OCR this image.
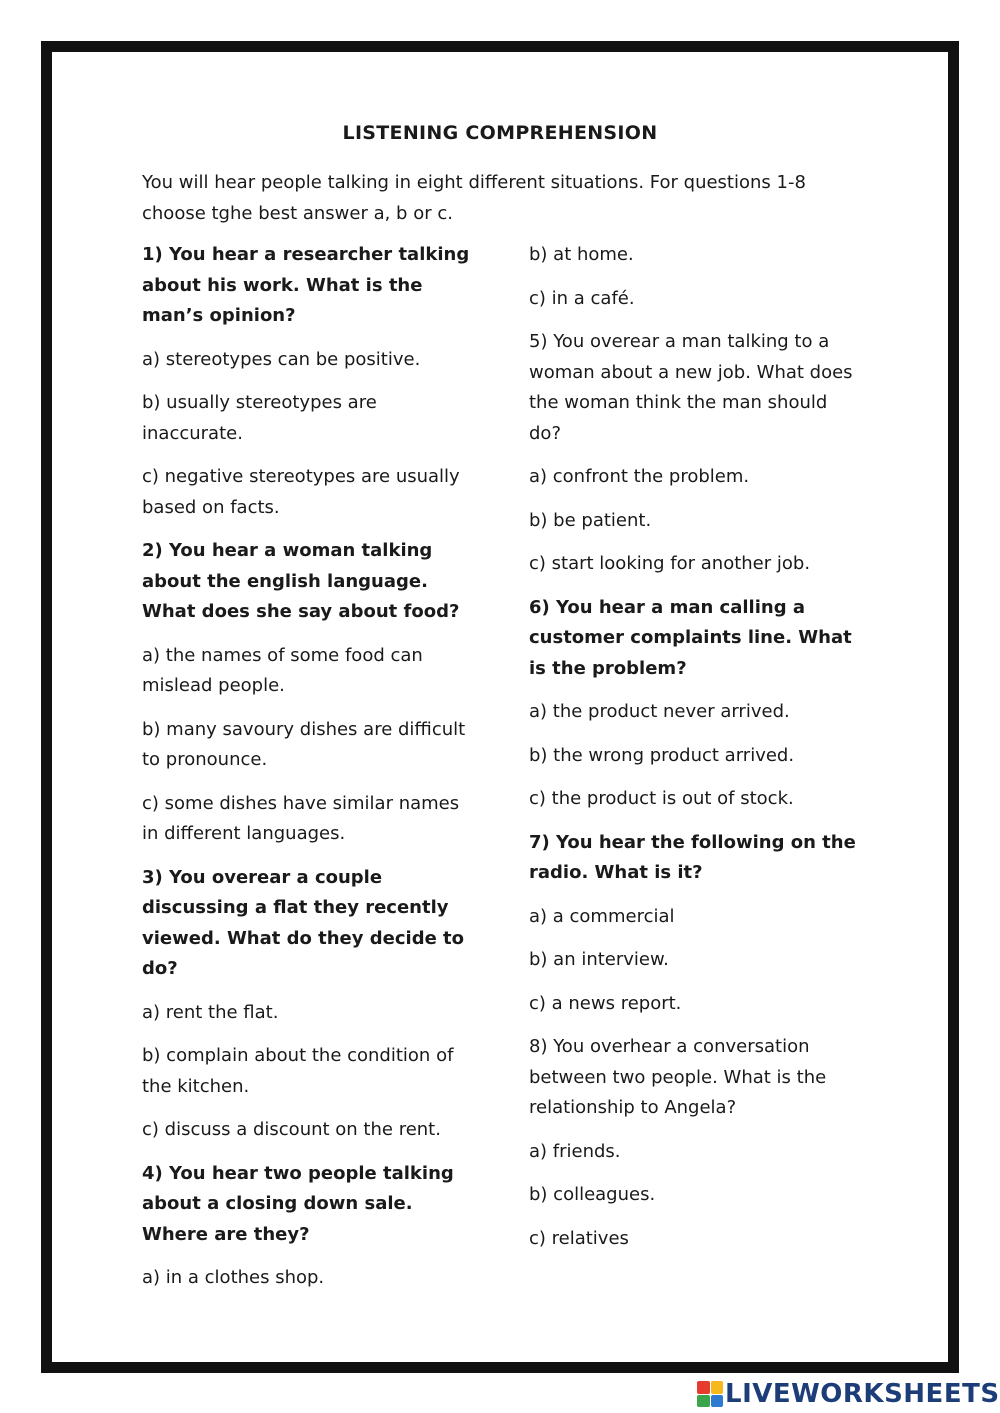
LISTENING COMPREHENSION
You will hear people talking in eight different situations. For questions 1-8 choose tghe best answer a, b or c.
1) You hear a researcher talking about his work. What is the man’s opinion?
a) stereotypes can be positive.
b) usually stereotypes are inaccurate.
c) negative stereotypes are usually based on facts.
2) You hear a woman talking about the english language. What does she say about food?
a) the names of some food can mislead people.
b) many savoury dishes are difficult to pronounce.
c) some dishes have similar names in different languages.
3) You overear a couple discussing a flat they recently viewed. What do they decide to do?
a) rent the flat.
b) complain about the condition of the kitchen.
c) discuss a discount on the rent.
4) You hear two people talking about a closing down sale. Where are they?
a) in a clothes shop.
b) at home.
c) in a café.
5) You overear a man talking to a woman about a new job. What does the woman think the man should do?
a) confront the problem.
b) be patient.
c) start looking for another job.
6) You hear a man calling a customer complaints line. What is the problem?
a) the product never arrived.
b) the wrong product arrived.
c) the product is out of stock.
7) You hear the following on the radio. What is it?
a) a commercial
b) an interview.
c) a news report.
8) You overhear a conversation between two people. What is the relationship to Angela?
a) friends.
b) colleagues.
c) relatives
LIVEWORKSHEETS
